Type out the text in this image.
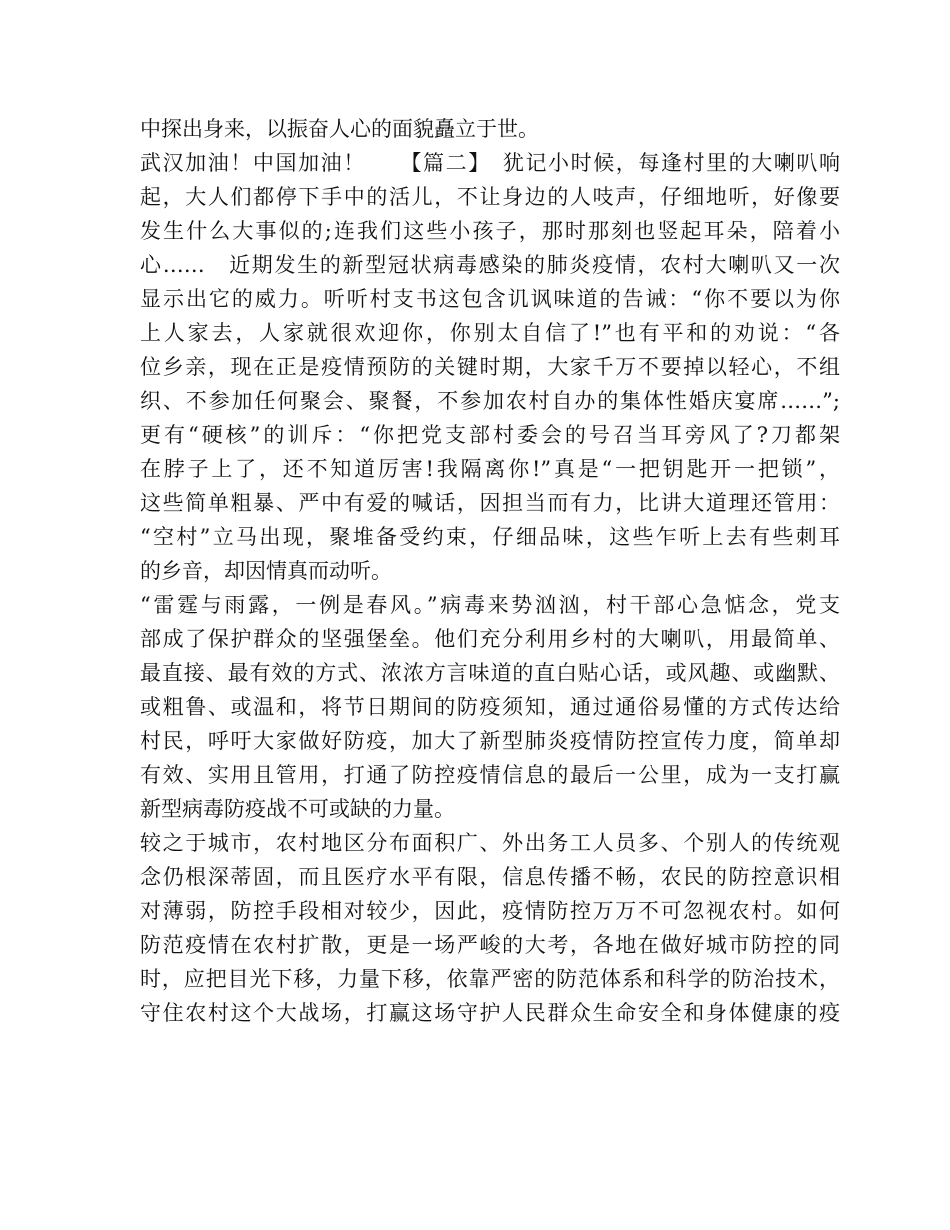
中探出身来，以振奋人心的面貌矗立于世。
武汉加油！中国加油！　　【篇二】　犹记小时候，每逢村里的大喇叭响
起，大人们都停下手中的活儿，不让身边的人吱声，仔细地听，好像要
发生什么大事似的;连我们这些小孩子，那时那刻也竖起耳朵，陪着小
心……　近期发生的新型冠状病毒感染的肺炎疫情，农村大喇叭又一次
显示出它的威力。听听村支书这包含讥讽味道的告诫：“你不要以为你
上人家去，人家就很欢迎你，你别太自信了!”也有平和的劝说：“各
位乡亲，现在正是疫情预防的关键时期，大家千万不要掉以轻心，不组
织、不参加任何聚会、聚餐，不参加农村自办的集体性婚庆宴席……”;
更有“硬核”的训斥：“你把党支部村委会的号召当耳旁风了?刀都架
在脖子上了，还不知道厉害!我隔离你!”真是“一把钥匙开一把锁”，
这些简单粗暴、严中有爱的喊话，因担当而有力，比讲大道理还管用：
“空村”立马出现，聚堆备受约束，仔细品味，这些乍听上去有些刺耳
的乡音，却因情真而动听。
“雷霆与雨露，一例是春风。”病毒来势汹汹，村干部心急惦念，党支
部成了保护群众的坚强堡垒。他们充分利用乡村的大喇叭，用最简单、
最直接、最有效的方式、浓浓方言味道的直白贴心话，或风趣、或幽默、
或粗鲁、或温和，将节日期间的防疫须知，通过通俗易懂的方式传达给
村民，呼吁大家做好防疫，加大了新型肺炎疫情防控宣传力度，简单却
有效、实用且管用，打通了防控疫情信息的最后一公里，成为一支打赢
新型病毒防疫战不可或缺的力量。
较之于城市，农村地区分布面积广、外出务工人员多、个别人的传统观
念仍根深蒂固，而且医疗水平有限，信息传播不畅，农民的防控意识相
对薄弱，防控手段相对较少，因此，疫情防控万万不可忽视农村。如何
防范疫情在农村扩散，更是一场严峻的大考，各地在做好城市防控的同
时，应把目光下移，力量下移，依靠严密的防范体系和科学的防治技术，
守住农村这个大战场，打赢这场守护人民群众生命安全和身体健康的疫
